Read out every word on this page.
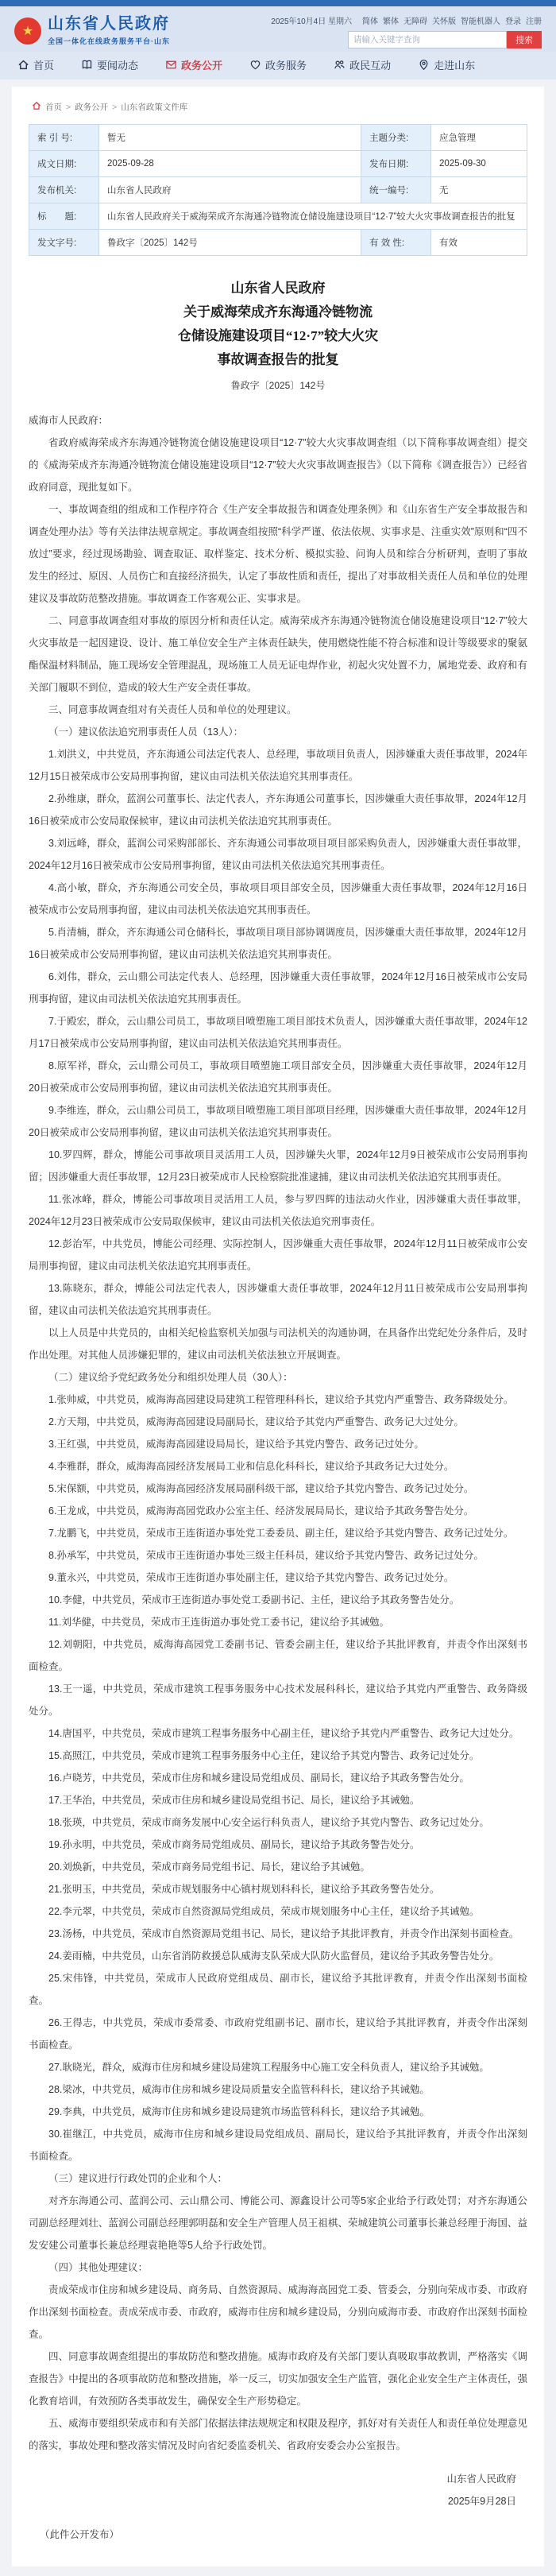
★ 山东省人民政府
全国一体化在线政务服务平台·山东
2025年10月4日 星期六	简体 繁体 无障碍 关怀版 智能机器人 登录 注册
请输入关键字查询
搜索
首页	要闻动态	政务公开	政务服务	政民互动	走进山东
首页 > 政务公开 > 山东省政策文件库
索 引 号:	暂无	主题分类:	应急管理
成文日期:	2025-09-28	发布日期:	2025-09-30
发布机关:	山东省人民政府	统一编号:	无
标　　题:	山东省人民政府关于威海荣成齐东海通冷链物流仓储设施建设项目“12·7”较大火灾事故调查报告的批复		
发文字号:	鲁政字〔2025〕142号	有 效 性:	有效
山东省人民政府
关于威海荣成齐东海通冷链物流
仓储设施建设项目“12·7”较大火灾
事故调查报告的批复
鲁政字〔2025〕142号

威海市人民政府：

省政府威海荣成齐东海通冷链物流仓储设施建设项目“12·7”较大火灾事故调查组（以下简称事故调查组）提交的《威海荣成齐东海通冷链物流仓储设施建设项目“12·7”较大火灾事故调查报告》（以下简称《调查报告》）已经省政府同意，现批复如下。

一、事故调查组的组成和工作程序符合《生产安全事故报告和调查处理条例》和《山东省生产安全事故报告和调查处理办法》等有关法律法规章规定。事故调查组按照“科学严谨、依法依规、实事求是、注重实效”原则和“四不放过”要求，经过现场勘验、调查取证、取样鉴定、技术分析、模拟实验、问询人员和综合分析研判，查明了事故发生的经过、原因、人员伤亡和直接经济损失，认定了事故性质和责任，提出了对事故相关责任人员和单位的处理建议及事故防范整改措施。事故调查工作客观公正、实事求是。

二、同意事故调查组对事故的原因分析和责任认定。威海荣成齐东海通冷链物流仓储设施建设项目“12·7”较大火灾事故是一起因建设、设计、施工单位安全生产主体责任缺失，使用燃烧性能不符合标准和设计等级要求的聚氨酯保温材料制品，施工现场安全管理混乱，现场施工人员无证电焊作业，初起火灾处置不力，属地党委、政府和有关部门履职不到位，造成的较大生产安全责任事故。

三、同意事故调查组对有关责任人员和单位的处理建议。

（一）建议依法追究刑事责任人员（13人）：

1.刘洪义，中共党员，齐东海通公司法定代表人、总经理，事故项目负责人，因涉嫌重大责任事故罪，2024年12月15日被荣成市公安局刑事拘留，建议由司法机关依法追究其刑事责任。

2.孙维康，群众，蓝润公司董事长、法定代表人，齐东海通公司董事长，因涉嫌重大责任事故罪，2024年12月16日被荣成市公安局取保候审，建议由司法机关依法追究其刑事责任。

3.刘远峰，群众，蓝润公司采购部部长、齐东海通公司事故项目项目部采购负责人，因涉嫌重大责任事故罪，2024年12月16日被荣成市公安局刑事拘留，建议由司法机关依法追究其刑事责任。

4.高小敏，群众，齐东海通公司安全员，事故项目项目部安全员，因涉嫌重大责任事故罪，2024年12月16日被荣成市公安局刑事拘留，建议由司法机关依法追究其刑事责任。

5.肖清楠，群众，齐东海通公司仓储科长，事故项目项目部协调调度员，因涉嫌重大责任事故罪，2024年12月16日被荣成市公安局刑事拘留，建议由司法机关依法追究其刑事责任。

6.刘伟，群众，云山鼎公司法定代表人、总经理，因涉嫌重大责任事故罪，2024年12月16日被荣成市公安局刑事拘留，建议由司法机关依法追究其刑事责任。

7.于殿宏，群众，云山鼎公司员工，事故项目喷塑施工项目部技术负责人，因涉嫌重大责任事故罪，2024年12月17日被荣成市公安局刑事拘留，建议由司法机关依法追究其刑事责任。

8.原军祥，群众，云山鼎公司员工，事故项目喷塑施工项目部安全员，因涉嫌重大责任事故罪，2024年12月20日被荣成市公安局刑事拘留，建议由司法机关依法追究其刑事责任。

9.李维连，群众，云山鼎公司员工，事故项目喷塑施工项目部项目经理，因涉嫌重大责任事故罪，2024年12月20日被荣成市公安局刑事拘留，建议由司法机关依法追究其刑事责任。

10.罗四辉，群众，博能公司事故项目灵活用工人员，因涉嫌失火罪，2024年12月9日被荣成市公安局刑事拘留；因涉嫌重大责任事故罪，12月23日被荣成市人民检察院批准逮捕，建议由司法机关依法追究其刑事责任。

11.张冰峰，群众，博能公司事故项目灵活用工人员，参与罗四辉的违法动火作业，因涉嫌重大责任事故罪，2024年12月23日被荣成市公安局取保候审，建议由司法机关依法追究刑事责任。

12.彭治军，中共党员，博能公司经理、实际控制人，因涉嫌重大责任事故罪，2024年12月11日被荣成市公安局刑事拘留，建议由司法机关依法追究其刑事责任。

13.陈晓东，群众，博能公司法定代表人，因涉嫌重大责任事故罪，2024年12月11日被荣成市公安局刑事拘留，建议由司法机关依法追究其刑事责任。

以上人员是中共党员的，由相关纪检监察机关加强与司法机关的沟通协调，在具备作出党纪处分条件后，及时作出处理。对其他人员涉嫌犯罪的，建议由司法机关依法独立开展调查。

（二）建议给予党纪政务处分和组织处理人员（30人）：

1.张帅威，中共党员，威海海高园建设局建筑工程管理科科长，建议给予其党内严重警告、政务降级处分。

2.方天翔，中共党员，威海海高园建设局副局长，建议给予其党内严重警告、政务记大过处分。

3.王红强，中共党员，威海海高园建设局局长，建议给予其党内警告、政务记过处分。

4.李雅群，群众，威海海高园经济发展局工业和信息化科科长，建议给予其政务记大过处分。

5.宋保额，中共党员，威海海高园经济发展局副科级干部，建议给予其党内警告、政务记过处分。

6.王龙成，中共党员，威海海高园党政办公室主任、经济发展局局长，建议给予其政务警告处分。

7.龙鹏飞，中共党员，荣成市王连街道办事处党工委委员、副主任，建议给予其党内警告、政务记过处分。

8.孙承军，中共党员，荣成市王连街道办事处三级主任科员，建议给予其党内警告、政务记过处分。

9.董永兴，中共党员，荣成市王连街道办事处副主任，建议给予其党内警告、政务记过处分。

10.李健，中共党员，荣成市王连街道办事处党工委副书记、主任，建议给予其政务警告处分。

11.刘华健，中共党员，荣成市王连街道办事处党工委书记，建议给予其诫勉。

12.刘朝阳，中共党员，威海海高园党工委副书记、管委会副主任，建议给予其批评教育，并责令作出深刻书面检查。

13.王一遥，中共党员，荣成市建筑工程事务服务中心技术发展科科长，建议给予其党内严重警告、政务降级处分。

14.唐国平，中共党员，荣成市建筑工程事务服务中心副主任，建议给予其党内严重警告、政务记大过处分。

15.高照江，中共党员，荣成市建筑工程事务服务中心主任，建议给予其党内警告、政务记过处分。

16.卢晓芳，中共党员，荣成市住房和城乡建设局党组成员、副局长，建议给予其政务警告处分。

17.王华治，中共党员，荣成市住房和城乡建设局党组书记、局长，建议给予其诫勉。

18.张瑛，中共党员，荣成市商务发展中心安全运行科负责人，建议给予其党内警告、政务记过处分。

19.孙永明，中共党员，荣成市商务局党组成员、副局长，建议给予其政务警告处分。

20.刘焕新，中共党员，荣成市商务局党组书记、局长，建议给予其诫勉。

21.张明玉，中共党员，荣成市规划服务中心镇村规划科科长，建议给予其政务警告处分。

22.李元翠，中共党员，荣成市自然资源局党组成员，荣成市规划服务中心主任，建议给予其诫勉。

23.汤杨，中共党员，荣成市自然资源局党组书记、局长，建议给予其批评教育，并责令作出深刻书面检查。

24.姜雨楠，中共党员，山东省消防救援总队威海支队荣成大队防火监督员，建议给予其政务警告处分。

25.宋伟锋，中共党员，荣成市人民政府党组成员、副市长，建议给予其批评教育，并责令作出深刻书面检查。

26.王得志，中共党员，荣成市委常委、市政府党组副书记、副市长，建议给予其批评教育，并责令作出深刻书面检查。

27.耿晓光，群众，威海市住房和城乡建设局建筑工程服务中心施工安全科负责人，建议给予其诫勉。

28.梁冰，中共党员，威海市住房和城乡建设局质量安全监管科科长，建议给予其诫勉。

29.李典，中共党员，威海市住房和城乡建设局建筑市场监管科科长，建议给予其诫勉。

30.崔继江，中共党员，威海市住房和城乡建设局党组成员、副局长，建议给予其批评教育，并责令作出深刻书面检查。

（三）建议进行行政处罚的企业和个人：

对齐东海通公司、蓝润公司、云山鼎公司、博能公司、源鑫设计公司等5家企业给予行政处罚；对齐东海通公司副总经理刘壮、蓝润公司副总经理郭明磊和安全生产管理人员王祖棋、荣城建筑公司董事长兼总经理于海国、益发安建公司董事长兼总经理袁艳艳等5人给予行政处罚。

（四）其他处理建议：

责成荣成市住房和城乡建设局、商务局、自然资源局、威海海高园党工委、管委会，分别向荣成市委、市政府作出深刻书面检查。责成荣成市委、市政府，威海市住房和城乡建设局，分别向威海市委、市政府作出深刻书面检查。

四、同意事故调查组提出的事故防范和整改措施。威海市政府及有关部门要认真吸取事故教训，严格落实《调查报告》中提出的各项事故防范和整改措施，举一反三，切实加强安全生产监管，强化企业安全生产主体责任，强化教育培训，有效预防各类事故发生，确保安全生产形势稳定。

五、威海市要组织荣成市和有关部门依据法律法规规定和权限及程序，抓好对有关责任人和责任单位处理意见的落实，事故处理和整改落实情况及时向省纪委监委机关、省政府安委会办公室报告。

山东省人民政府
2025年9月28日
（此件公开发布）
